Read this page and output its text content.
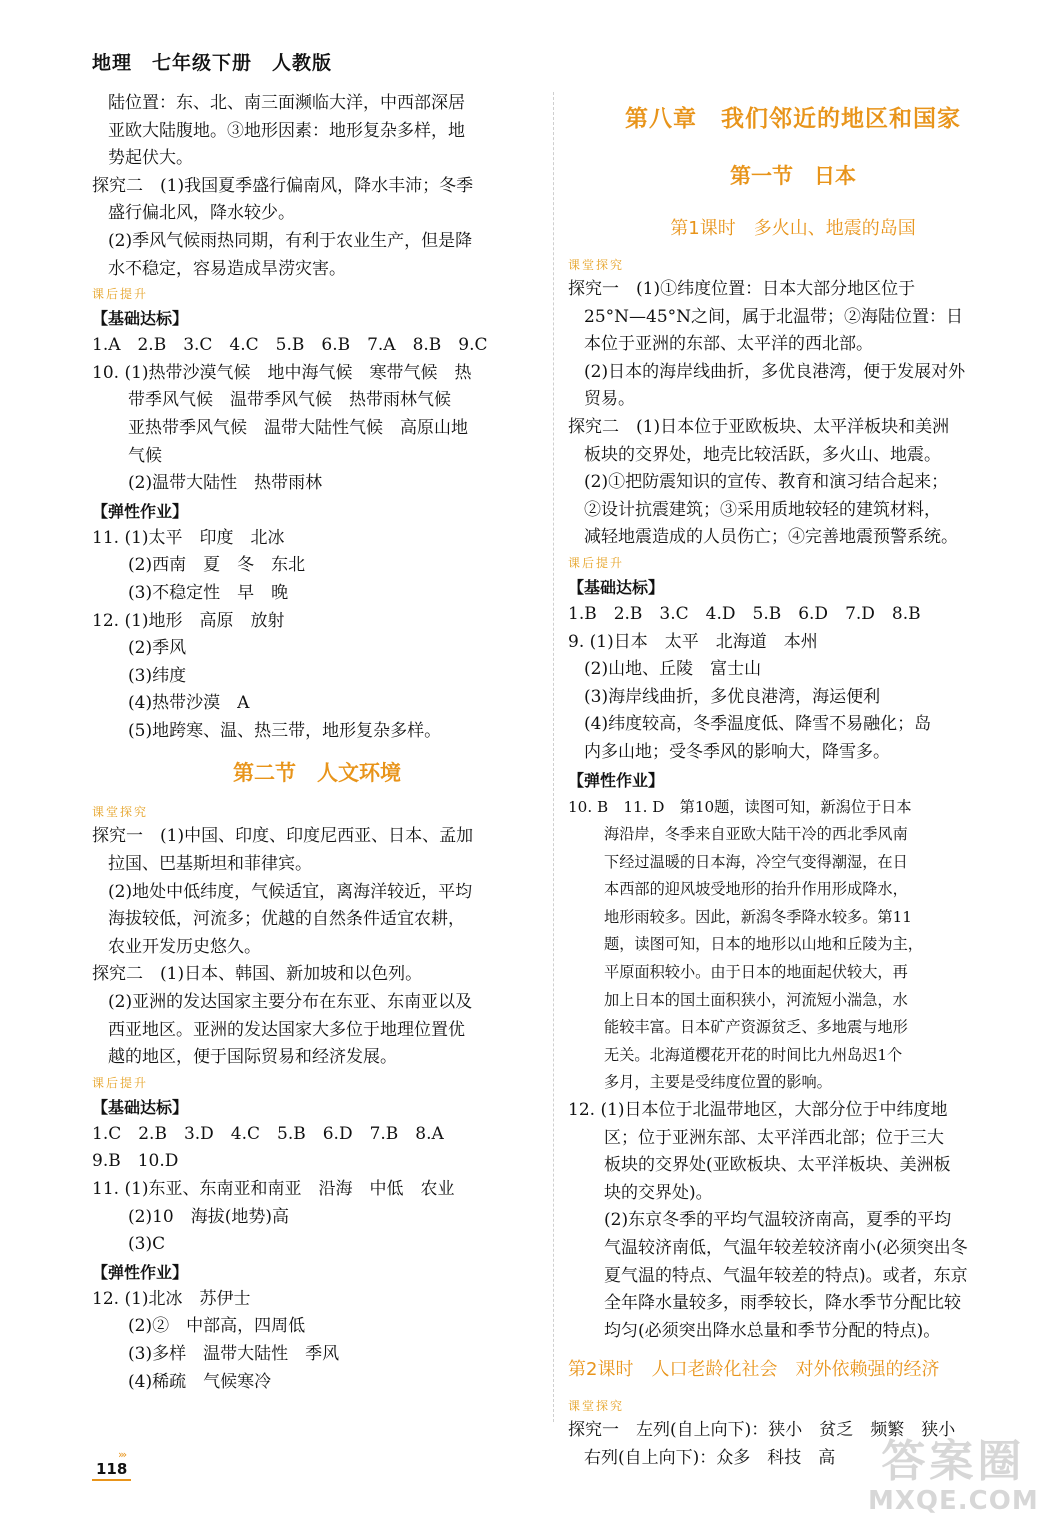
地理　七年级下册　人教版
陆位置：东、北、南三面濒临大洋，中西部深居
亚欧大陆腹地。③地形因素：地形复杂多样，地
势起伏大。
探究二　(1)我国夏季盛行偏南风，降水丰沛；冬季
盛行偏北风，降水较少。
(2)季风气候雨热同期，有利于农业生产，但是降
水不稳定，容易造成旱涝灾害。
课后提升
【基础达标】
1.A　2.B　3.C　4.C　5.B　6.B　7.A　8.B　9.C
10. (1)热带沙漠气候　地中海气候　寒带气候　热
带季风气候　温带季风气候　热带雨林气候
亚热带季风气候　温带大陆性气候　高原山地
气候
(2)温带大陆性　热带雨林
【弹性作业】
11. (1)太平　印度　北冰
(2)西南　夏　冬　东北
(3)不稳定性　早　晚
12. (1)地形　高原　放射
(2)季风
(3)纬度
(4)热带沙漠　A
(5)地跨寒、温、热三带，地形复杂多样。
第二节　人文环境
课堂探究
探究一　(1)中国、印度、印度尼西亚、日本、孟加
拉国、巴基斯坦和菲律宾。
(2)地处中低纬度，气候适宜，离海洋较近，平均
海拔较低，河流多；优越的自然条件适宜农耕，
农业开发历史悠久。
探究二　(1)日本、韩国、新加坡和以色列。
(2)亚洲的发达国家主要分布在东亚、东南亚以及
西亚地区。亚洲的发达国家大多位于地理位置优
越的地区，便于国际贸易和经济发展。
课后提升
【基础达标】
1.C　2.B　3.D　4.C　5.B　6.D　7.B　8.A
9.B　10.D
11. (1)东亚、东南亚和南亚　沿海　中低　农业
(2)10　海拔(地势)高
(3)C
【弹性作业】
12. (1)北冰　苏伊士
(2)②　中部高，四周低
(3)多样　温带大陆性　季风
(4)稀疏　气候寒冷
第八章　我们邻近的地区和国家
第一节　日本
第1课时　多火山、地震的岛国
课堂探究
探究一　(1)①纬度位置：日本大部分地区位于
25°N—45°N之间，属于北温带；②海陆位置：日
本位于亚洲的东部、太平洋的西北部。
(2)日本的海岸线曲折，多优良港湾，便于发展对外
贸易。
探究二　(1)日本位于亚欧板块、太平洋板块和美洲
板块的交界处，地壳比较活跃，多火山、地震。
(2)①把防震知识的宣传、教育和演习结合起来；
②设计抗震建筑；③采用质地较轻的建筑材料，
减轻地震造成的人员伤亡；④完善地震预警系统。
课后提升
【基础达标】
1.B　2.B　3.C　4.D　5.B　6.D　7.D　8.B
9. (1)日本　太平　北海道　本州
(2)山地、丘陵　富士山
(3)海岸线曲折，多优良港湾，海运便利
(4)纬度较高，冬季温度低、降雪不易融化；岛
内多山地；受冬季风的影响大，降雪多。
【弹性作业】
10. B　11. D　第10题，读图可知，新潟位于日本
海沿岸，冬季来自亚欧大陆干冷的西北季风南
下经过温暖的日本海，冷空气变得潮湿，在日
本西部的迎风坡受地形的抬升作用形成降水，
地形雨较多。因此，新潟冬季降水较多。第11
题，读图可知，日本的地形以山地和丘陵为主，
平原面积较小。由于日本的地面起伏较大，再
加上日本的国土面积狭小，河流短小湍急，水
能较丰富。日本矿产资源贫乏、多地震与地形
无关。北海道樱花开花的时间比九州岛迟1个
多月，主要是受纬度位置的影响。
12. (1)日本位于北温带地区，大部分位于中纬度地
区；位于亚洲东部、太平洋西北部；位于三大
板块的交界处(亚欧板块、太平洋板块、美洲板
块的交界处)。
(2)东京冬季的平均气温较济南高，夏季的平均
气温较济南低，气温年较差较济南小(必须突出冬
夏气温的特点、气温年较差的特点)。或者，东京
全年降水量较多，雨季较长，降水季节分配比较
均匀(必须突出降水总量和季节分配的特点)。
第2课时　人口老龄化社会　对外依赖强的经济
课堂探究
探究一　左列(自上向下)：狭小　贫乏　频繁　狭小
右列(自上向下)：众多　科技　高
›››
118	答案圈
MXQE.COM
